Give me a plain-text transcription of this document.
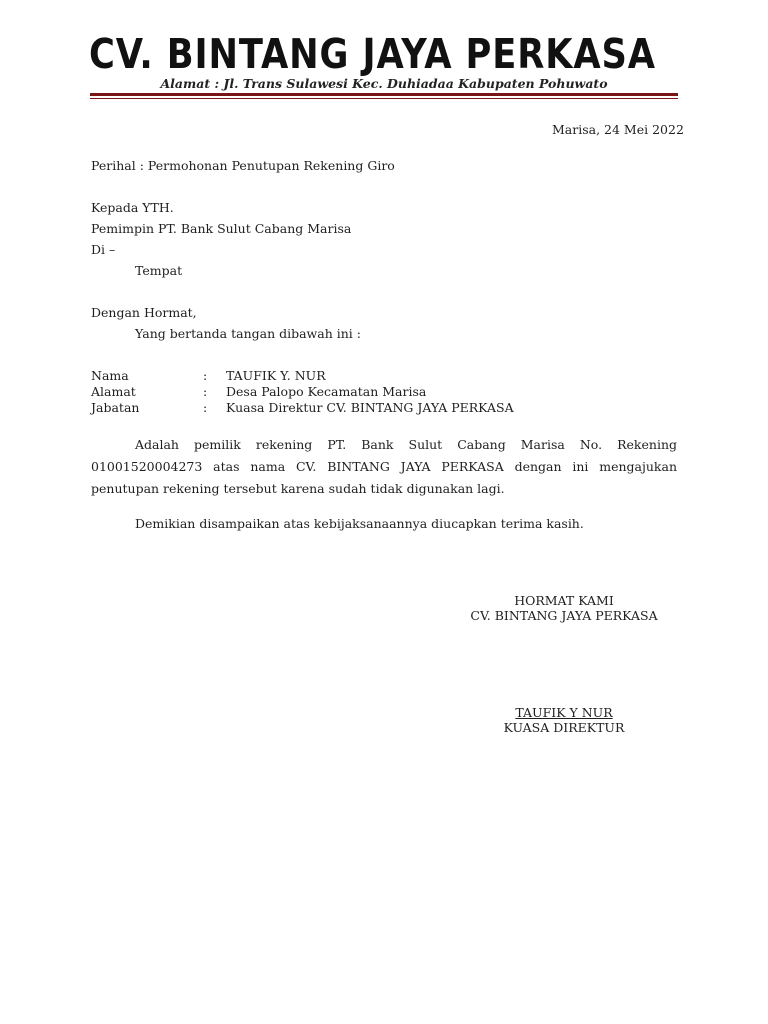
CV. BINTANG JAYA PERKASA
Alamat : Jl. Trans Sulawesi Kec. Duhiadaa Kabupaten Pohuwato
Marisa, 24 Mei 2022
Perihal : Permohonan Penutupan Rekening Giro
Kepada YTH.
Pemimpin PT. Bank Sulut Cabang Marisa
Di –
Tempat
Dengan Hormat,
Yang bertanda tangan dibawah ini :
Nama	: TAUFIK Y. NUR
Alamat	: Desa Palopo Kecamatan Marisa
Jabatan	: Kuasa Direktur CV. BINTANG JAYA PERKASA
Adalah pemilik rekening PT. Bank Sulut Cabang Marisa No. Rekening 01001520004273 atas nama CV. BINTANG JAYA PERKASA dengan ini mengajukan penutupan rekening tersebut karena sudah tidak digunakan lagi.
Demikian disampaikan atas kebijaksanaannya diucapkan terima kasih.
HORMAT KAMI
CV. BINTANG JAYA PERKASA
TAUFIK Y NUR
KUASA DIREKTUR
